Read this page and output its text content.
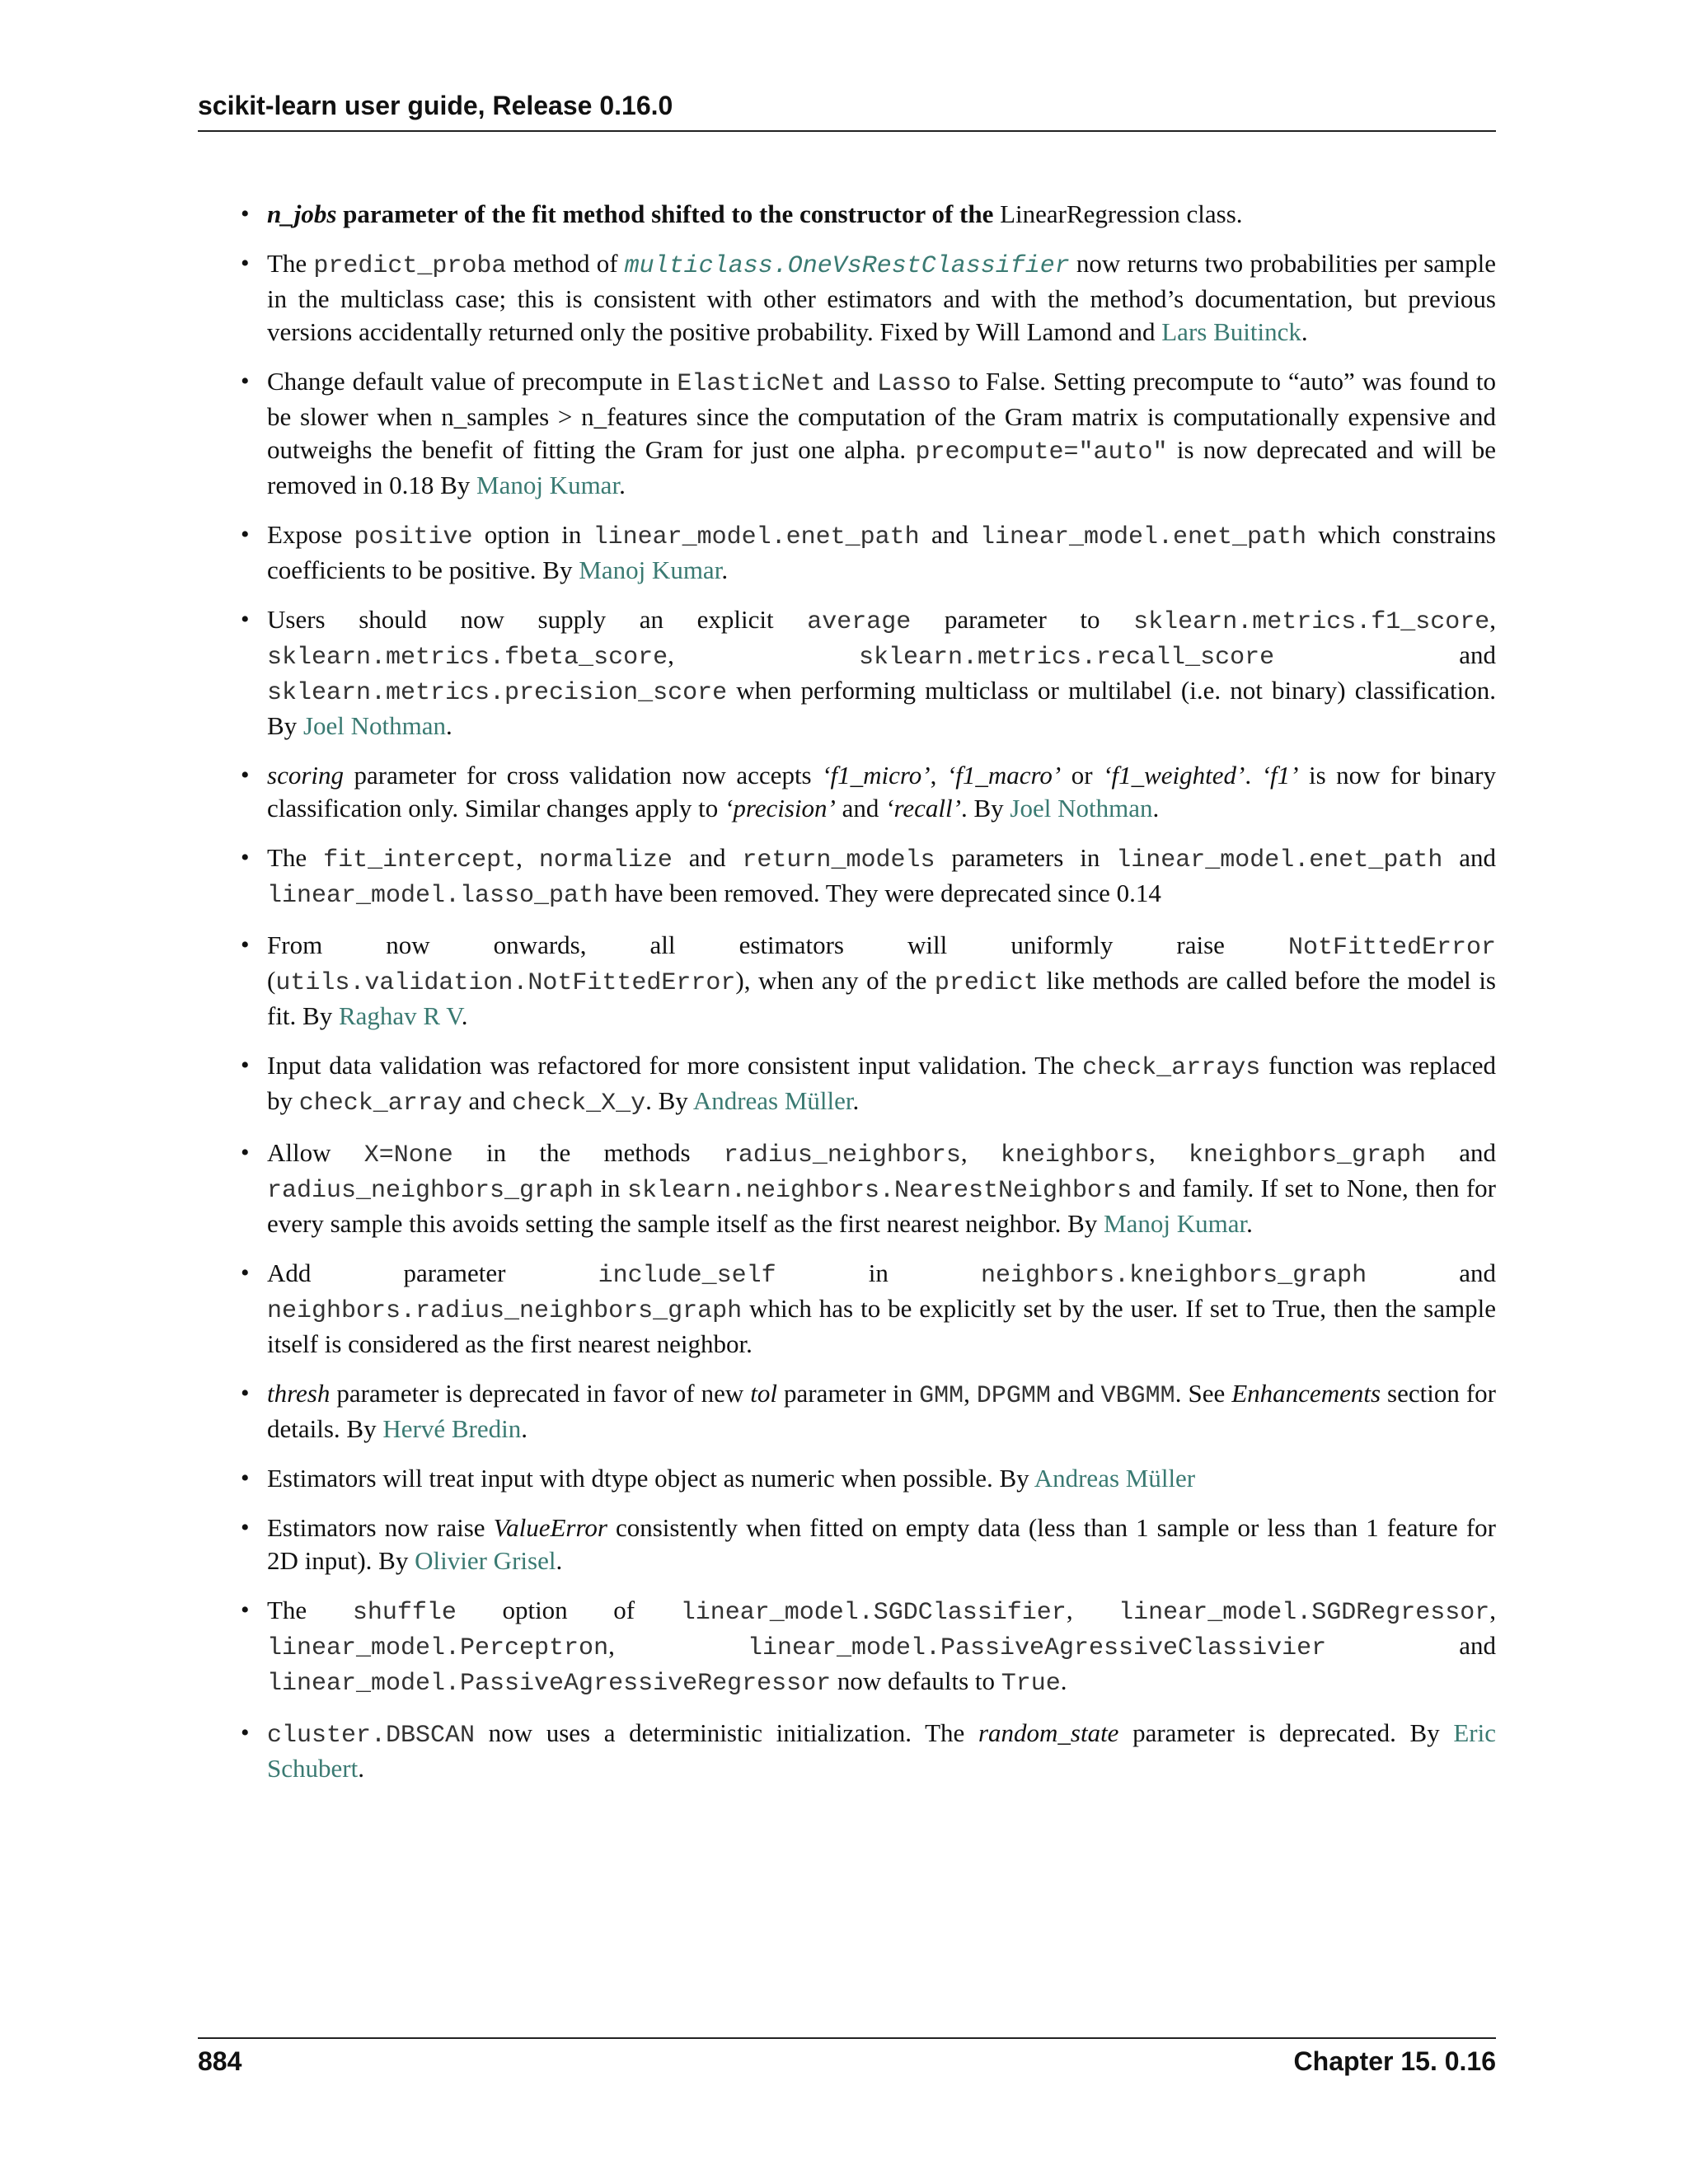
scikit-learn user guide, Release 0.16.0
• n_jobs parameter of the fit method shifted to the constructor of the LinearRegression class.
• The predict_proba method of multiclass.OneVsRestClassifier now returns two probabilities per sample in the multiclass case; this is consistent with other estimators and with the method’s documentation, but previous versions accidentally returned only the positive probability. Fixed by Will Lamond and Lars Buitinck.
• Change default value of precompute in ElasticNet and Lasso to False. Setting precompute to “auto” was found to be slower when n_samples > n_features since the computation of the Gram matrix is computationally expensive and outweighs the benefit of fitting the Gram for just one alpha. precompute="auto" is now deprecated and will be removed in 0.18 By Manoj Kumar.
• Expose positive option in linear_model.enet_path and linear_model.enet_path which constrains coefficients to be positive. By Manoj Kumar.
• Users should now supply an explicit average parameter to sklearn.metrics.f1_score, sklearn.metrics.fbeta_score, sklearn.metrics.recall_score and sklearn.metrics.precision_score when performing multiclass or multilabel (i.e. not binary) classification. By Joel Nothman.
• scoring parameter for cross validation now accepts ‘f1_micro’, ‘f1_macro’ or ‘f1_weighted’. ‘f1’ is now for binary classification only. Similar changes apply to ‘precision’ and ‘recall’. By Joel Nothman.
• The fit_intercept, normalize and return_models parameters in linear_model.enet_path and linear_model.lasso_path have been removed. They were deprecated since 0.14
• From now onwards, all estimators will uniformly raise NotFittedError (utils.validation.NotFittedError), when any of the predict like methods are called before the model is fit. By Raghav R V.
• Input data validation was refactored for more consistent input validation. The check_arrays function was replaced by check_array and check_X_y. By Andreas Müller.
• Allow X=None in the methods radius_neighbors, kneighbors, kneighbors_graph and radius_neighbors_graph in sklearn.neighbors.NearestNeighbors and family. If set to None, then for every sample this avoids setting the sample itself as the first nearest neighbor. By Manoj Kumar.
• Add parameter include_self in neighbors.kneighbors_graph and neighbors.radius_neighbors_graph which has to be explicitly set by the user. If set to True, then the sample itself is considered as the first nearest neighbor.
• thresh parameter is deprecated in favor of new tol parameter in GMM, DPGMM and VBGMM. See Enhancements section for details. By Hervé Bredin.
• Estimators will treat input with dtype object as numeric when possible. By Andreas Müller
• Estimators now raise ValueError consistently when fitted on empty data (less than 1 sample or less than 1 feature for 2D input). By Olivier Grisel.
• The shuffle option of linear_model.SGDClassifier, linear_model.SGDRegressor, linear_model.Perceptron, linear_model.PassiveAgressiveClassivier and linear_model.PassiveAgressiveRegressor now defaults to True.
• cluster.DBSCAN now uses a deterministic initialization. The random_state parameter is deprecated. By Eric Schubert.
884	Chapter 15. 0.16
